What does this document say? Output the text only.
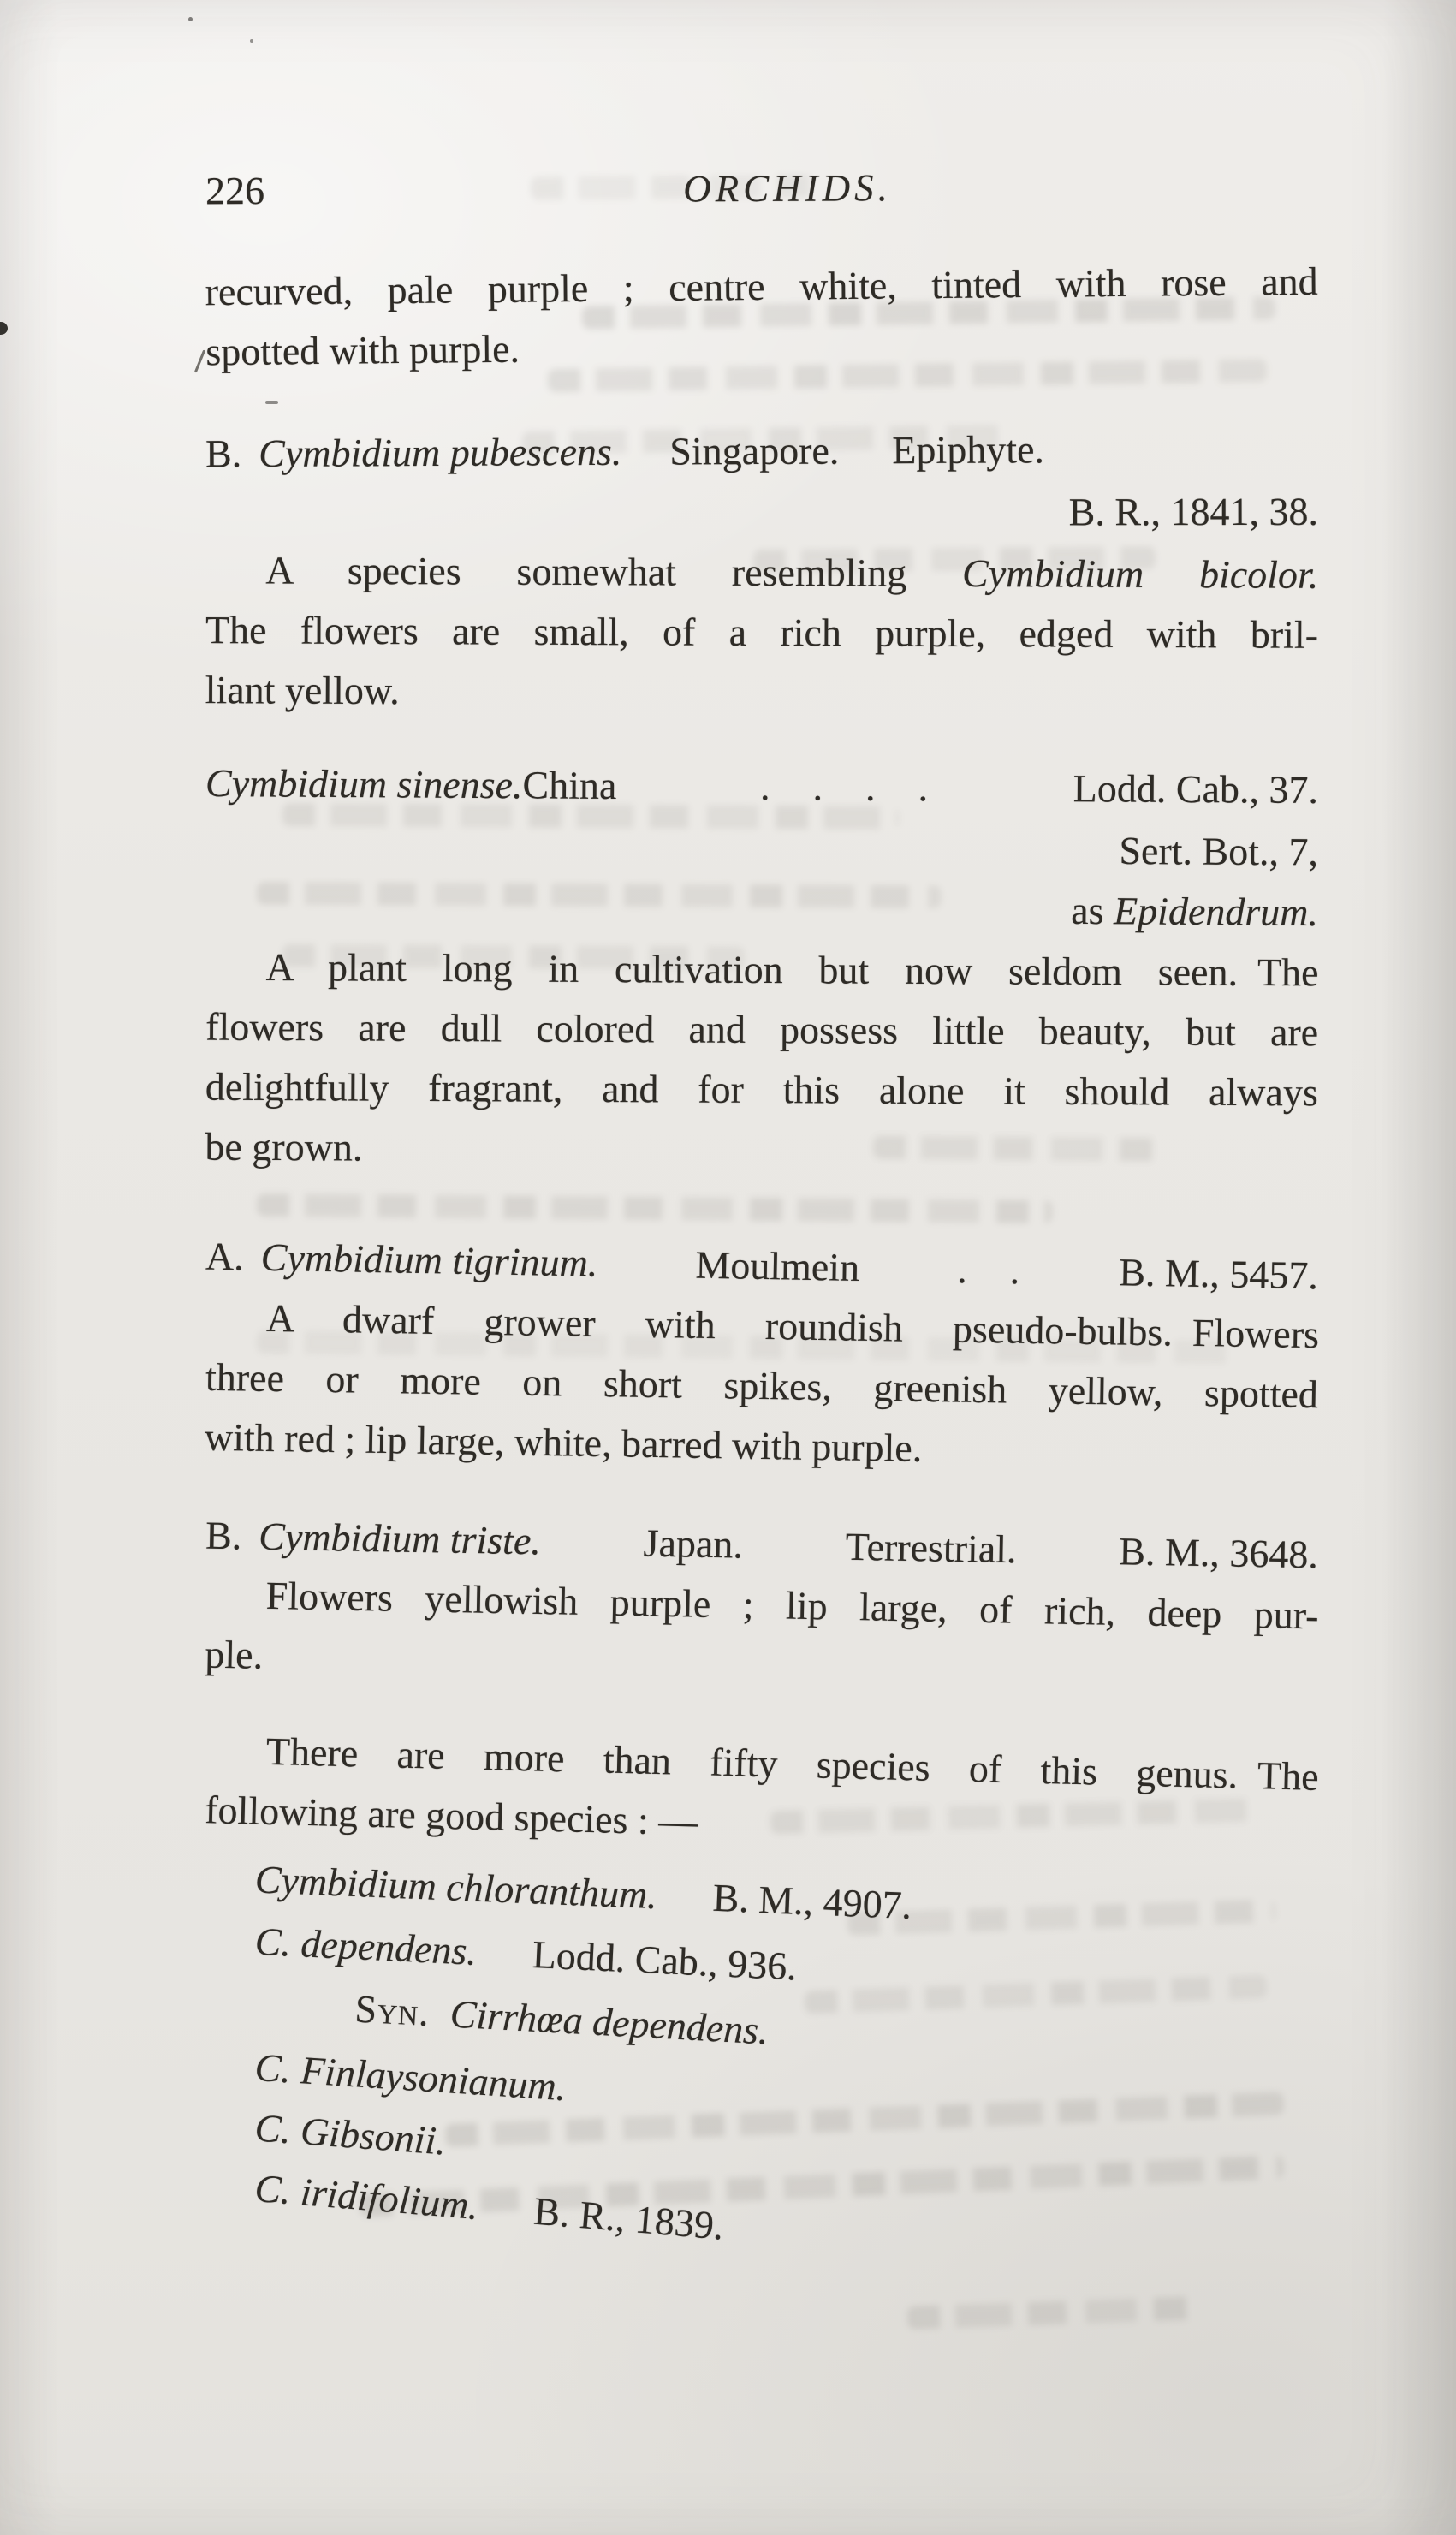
226	ORCHIDS.
recurved, pale purple ; centre white, tinted with rose and
spotted with purple.
B. Cymbidium pubescens. Singapore. Epiphyte.
B. R., 1841, 38.
A species somewhat resembling Cymbidium bicolor.
The flowers are small, of a rich purple, edged with bril-
liant yellow.
Cymbidium sinense.China	. . . .	Lodd. Cab., 37.
Sert. Bot., 7,
as Epidendrum.
A plant long in cultivation but now seldom seen. The
flowers are dull colored and possess little beauty, but are
delightfully fragrant, and for this alone it should always
be grown.
A. Cymbidium tigrinum. Moulmein . . B. M., 5457.
A dwarf grower with roundish pseudo-bulbs. Flowers
three or more on short spikes, greenish yellow, spotted
with red ; lip large, white, barred with purple.
B. Cymbidium triste.	Japan.	Terrestrial.	B. M., 3648.
Flowers yellowish purple ; lip large, of rich, deep pur-
ple.
There are more than fifty species of this genus. The
following are good species : —
Cymbidium chloranthum. B. M., 4907.
C. dependens. Lodd. Cab., 936.
Syn. Cirrhœa dependens.
C. Finlaysonianum.
C. Gibsonii.
C. iridifolium. B. R., 1839.
